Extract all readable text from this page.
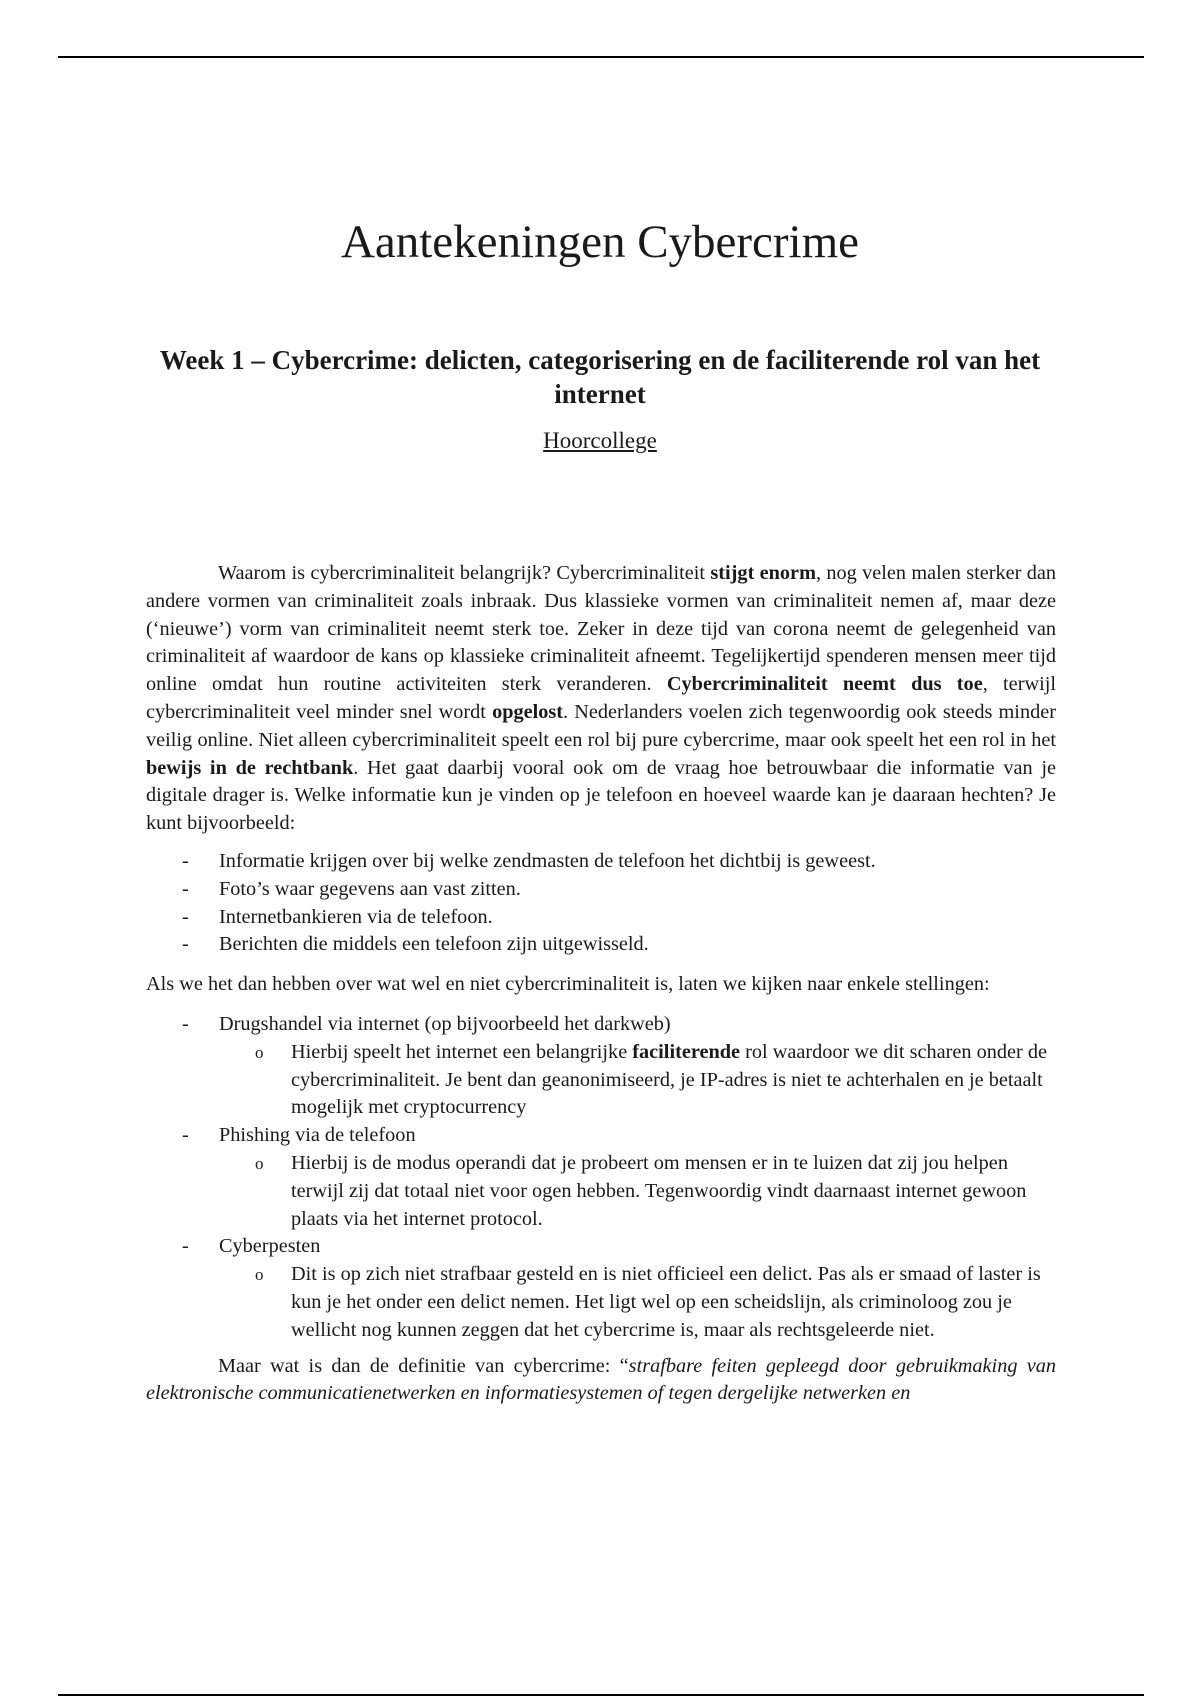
Aantekeningen Cybercrime
Week 1 – Cybercrime: delicten, categorisering en de faciliterende rol van het internet
Hoorcollege

Waarom is cybercriminaliteit belangrijk? Cybercriminaliteit stijgt enorm, nog velen malen sterker dan andere vormen van criminaliteit zoals inbraak. Dus klassieke vormen van criminaliteit nemen af, maar deze (‘nieuwe’) vorm van criminaliteit neemt sterk toe. Zeker in deze tijd van corona neemt de gelegenheid van criminaliteit af waardoor de kans op klassieke criminaliteit afneemt. Tegelijkertijd spenderen mensen meer tijd online omdat hun routine activiteiten sterk veranderen. Cybercriminaliteit neemt dus toe, terwijl cybercriminaliteit veel minder snel wordt opgelost. Nederlanders voelen zich tegenwoordig ook steeds minder veilig online. Niet alleen cybercriminaliteit speelt een rol bij pure cybercrime, maar ook speelt het een rol in het bewijs in de rechtbank. Het gaat daarbij vooral ook om de vraag hoe betrouwbaar die informatie van je digitale drager is. Welke informatie kun je vinden op je telefoon en hoeveel waarde kan je daaraan hechten? Je kunt bijvoorbeeld:

- Informatie krijgen over bij welke zendmasten de telefoon het dichtbij is geweest.
- Foto’s waar gegevens aan vast zitten.
- Internetbankieren via de telefoon.
- Berichten die middels een telefoon zijn uitgewisseld.

Als we het dan hebben over wat wel en niet cybercriminaliteit is, laten we kijken naar enkele stellingen:

- Drugshandel via internet (op bijvoorbeeld het darkweb)
o Hierbij speelt het internet een belangrijke faciliterende rol waardoor we dit scharen onder de cybercriminaliteit. Je bent dan geanonimiseerd, je IP-adres is niet te achterhalen en je betaalt mogelijk met cryptocurrency
- Phishing via de telefoon
o Hierbij is de modus operandi dat je probeert om mensen er in te luizen dat zij jou helpen terwijl zij dat totaal niet voor ogen hebben. Tegenwoordig vindt daarnaast internet gewoon plaats via het internet protocol.
- Cyberpesten
o Dit is op zich niet strafbaar gesteld en is niet officieel een delict. Pas als er smaad of laster is kun je het onder een delict nemen. Het ligt wel op een scheidslijn, als criminoloog zou je wellicht nog kunnen zeggen dat het cybercrime is, maar als rechtsgeleerde niet.

Maar wat is dan de definitie van cybercrime: “strafbare feiten gepleegd door gebruikmaking van elektronische communicatienetwerken en informatiesystemen of tegen dergelijke netwerken en
